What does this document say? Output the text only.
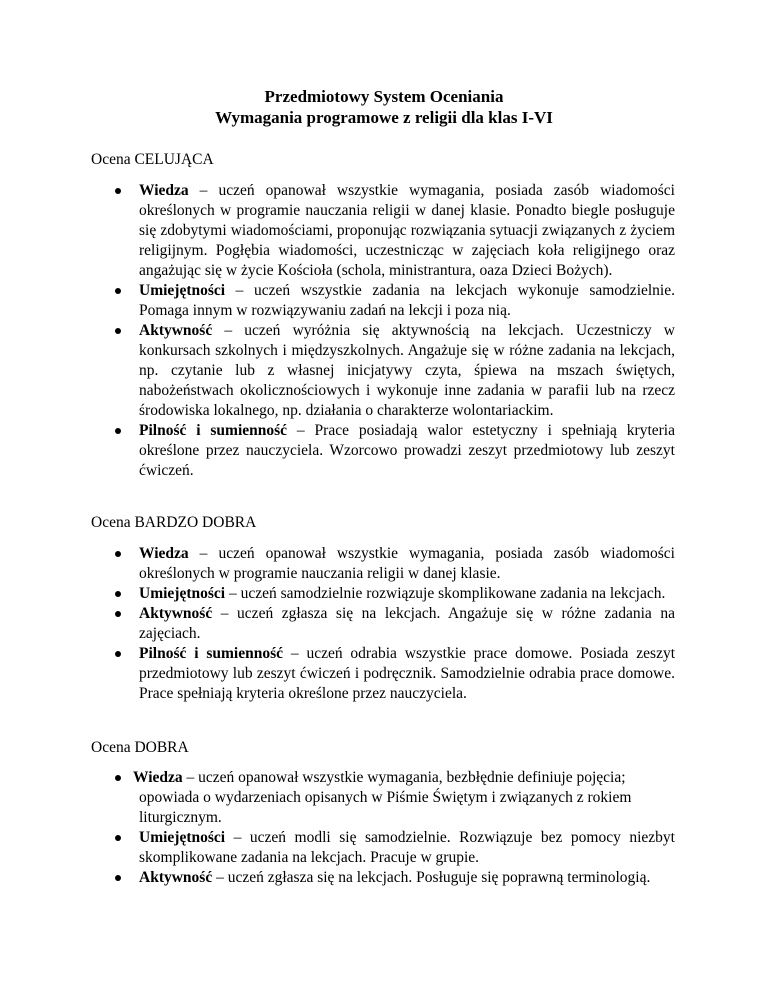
Przedmiotowy System Oceniania
Wymagania programowe z religii dla klas I-VI
Ocena CELUJĄCA
Wiedza – uczeń opanował wszystkie wymagania, posiada zasób wiadomości określonych w programie nauczania religii w danej klasie. Ponadto biegle posługuje się zdobytymi wiadomościami, proponując rozwiązania sytuacji związanych z życiem religijnym. Pogłębia wiadomości, uczestnicząc w zajęciach koła religijnego oraz angażując się w życie Kościoła (schola, ministrantura, oaza Dzieci Bożych).
Umiejętności – uczeń wszystkie zadania na lekcjach wykonuje samodzielnie. Pomaga innym w rozwiązywaniu zadań na lekcji i poza nią.
Aktywność – uczeń wyróżnia się aktywnością na lekcjach. Uczestniczy w konkursach szkolnych i międzyszkolnych. Angażuje się w różne zadania na lekcjach, np. czytanie lub z własnej inicjatywy czyta, śpiewa na mszach świętych, nabożeństwach okolicznościowych i wykonuje inne zadania w parafii lub na rzecz środowiska lokalnego, np. działania o charakterze wolontariackim.
Pilność i sumienność – Prace posiadają walor estetyczny i spełniają kryteria określone przez nauczyciela. Wzorcowo prowadzi zeszyt przedmiotowy lub zeszyt ćwiczeń.
Ocena BARDZO DOBRA
Wiedza – uczeń opanował wszystkie wymagania, posiada zasób wiadomości określonych w programie nauczania religii w danej klasie.
Umiejętności – uczeń samodzielnie rozwiązuje skomplikowane zadania na lekcjach.
Aktywność – uczeń zgłasza się na lekcjach. Angażuje się w różne zadania na zajęciach.
Pilność i sumienność – uczeń odrabia wszystkie prace domowe. Posiada zeszyt przedmiotowy lub zeszyt ćwiczeń i podręcznik. Samodzielnie odrabia prace domowe. Prace spełniają kryteria określone przez nauczyciela.
Ocena DOBRA
Wiedza – uczeń opanował wszystkie wymagania, bezbłędnie definiuje pojęcia; opowiada o wydarzeniach opisanych w Piśmie Świętym i związanych z rokiem liturgicznym.
Umiejętności – uczeń modli się samodzielnie. Rozwiązuje bez pomocy niezbyt skomplikowane zadania na lekcjach. Pracuje w grupie.
Aktywność – uczeń zgłasza się na lekcjach. Posługuje się poprawną terminologią.
